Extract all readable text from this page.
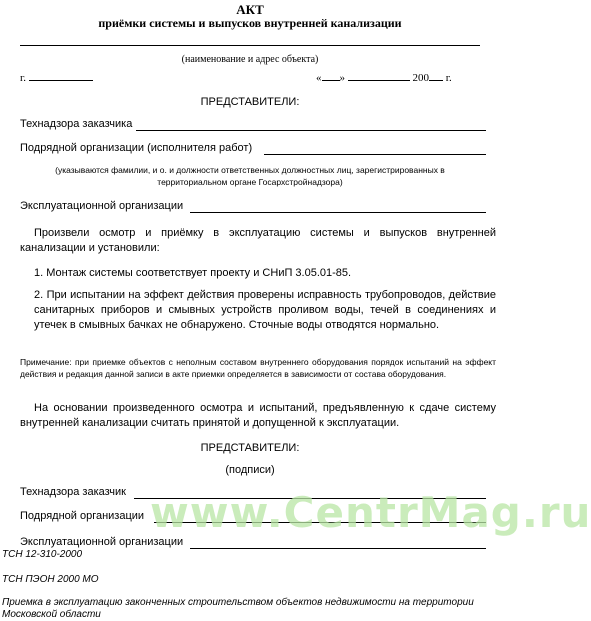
АКТ
приёмки системы и выпусков внутренней канализации
(наименование и адрес объекта)
г.	« »	200 г.
ПРЕДСТАВИТЕЛИ:
Технадзора заказчика
Подрядной организации (исполнителя работ)
(указываются фамилии, и о. и должности ответственных должностных лиц, зарегистрированных в территориальном органе Госархстройнадзора)
Эксплуатационной организации

Произвели осмотр и приёмку в эксплуатацию системы и выпусков внутренней канализации и установили:

1. Монтаж системы соответствует проекту и СНиП 3.05.01-85.

2. При испытании на эффект действия проверены исправность трубопроводов, действие санитарных приборов и смывных устройств проливом воды, течей в соединениях и утечек в смывных бачках не обнаружено. Сточные воды отводятся нормально.

Примечание: при приемке объектов с неполным составом внутреннего оборудования порядок испытаний на эффект действия и редакция данной записи в акте приемки определяется в зависимости от состава оборудования.

На основании произведенного осмотра и испытаний, предъявленную к сдаче систему внутренней канализации считать принятой и допущенной к эксплуатации.

ПРЕДСТАВИТЕЛИ:
(подписи)
Технадзора заказчик
Подрядной организации
Эксплуатационной организации
www.CentrMag.ru
ТСН 12-310-2000
ТСН ПЭОН 2000 МО
Приемка в эксплуатацию законченных строительством объектов недвижимости на территории Московской области
